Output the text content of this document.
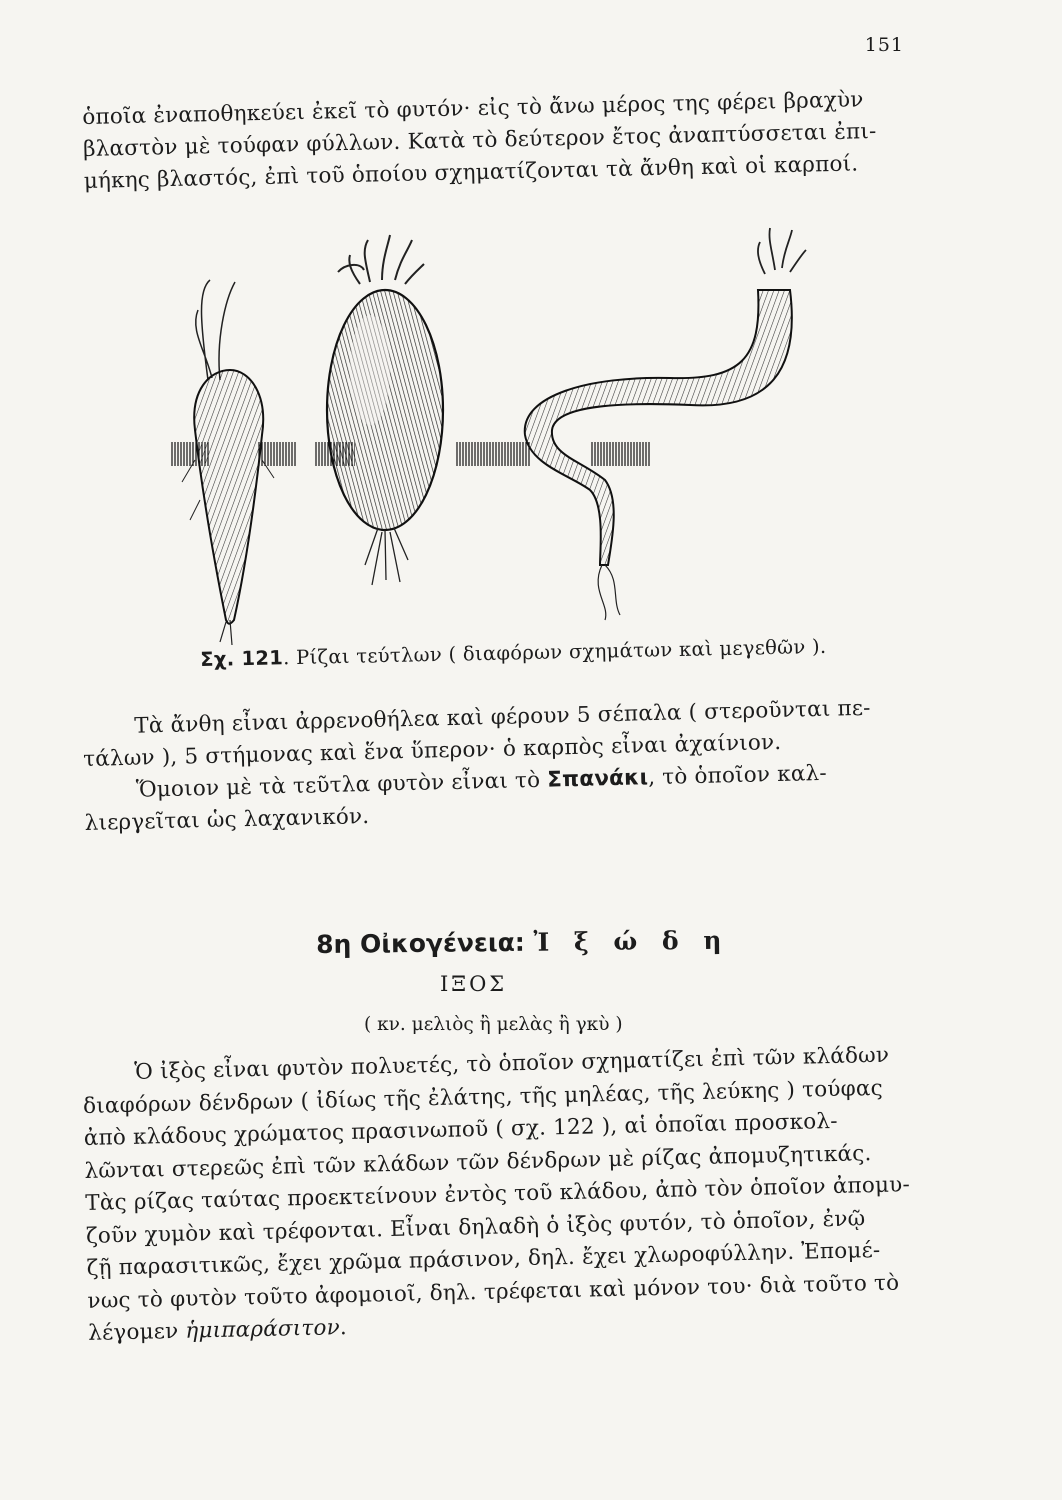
151
ὁποῖα ἐναποθηκεύει ἐκεῖ τὸ φυτόν· εἰς τὸ ἄνω μέρος της φέρει βραχὺν
βλαστὸν μὲ τούφαν φύλλων. Κατὰ τὸ δεύτερον ἔτος ἀναπτύσσεται ἐπι-
μήκης βλαστός, ἐπὶ τοῦ ὁποίου σχηματίζονται τὰ ἄνθη καὶ οἱ καρποί.
Σχ. 121. Ρίζαι τεύτλων ( διαφόρων σχημάτων καὶ μεγεθῶν ).
Τὰ ἄνθη εἶναι ἀρρενοθήλεα καὶ φέρουν 5 σέπαλα ( στεροῦνται πε-
τάλων ), 5 στήμονας καὶ ἕνα ὕπερον· ὁ καρπὸς εἶναι ἀχαίνιον.
Ὅμοιον μὲ τὰ τεῦτλα φυτὸν εἶναι τὸ Σπανάκι, τὸ ὁποῖον καλ-
λιεργεῖται ὡς λαχανικόν.
8η Οἰκογένεια: Ἰ ξ ώ δ η
ΙΞΟΣ
( κν. μελιὸς ἢ μελὰς ἢ γκὺ )
Ὁ ἰξὸς εἶναι φυτὸν πολυετές, τὸ ὁποῖον σχηματίζει ἐπὶ τῶν κλάδων
διαφόρων δένδρων ( ἰδίως τῆς ἐλάτης, τῆς μηλέας, τῆς λεύκης ) τούφας
ἀπὸ κλάδους χρώματος πρασινωποῦ ( σχ. 122 ), αἱ ὁποῖαι προσκολ-
λῶνται στερεῶς ἐπὶ τῶν κλάδων τῶν δένδρων μὲ ρίζας ἀπομυζητικάς.
Τὰς ρίζας ταύτας προεκτείνουν ἐντὸς τοῦ κλάδου, ἀπὸ τὸν ὁποῖον ἀπομυ-
ζοῦν χυμὸν καὶ τρέφονται. Εἶναι δηλαδὴ ὁ ἰξὸς φυτόν, τὸ ὁποῖον, ἐνῷ
ζῇ παρασιτικῶς, ἔχει χρῶμα πράσινον, δηλ. ἔχει χλωροφύλλην. Ἐπομέ-
νως τὸ φυτὸν τοῦτο ἀφομοιοῖ, δηλ. τρέφεται καὶ μόνον του· διὰ τοῦτο τὸ
λέγομεν ἡμιπαράσιτον.
